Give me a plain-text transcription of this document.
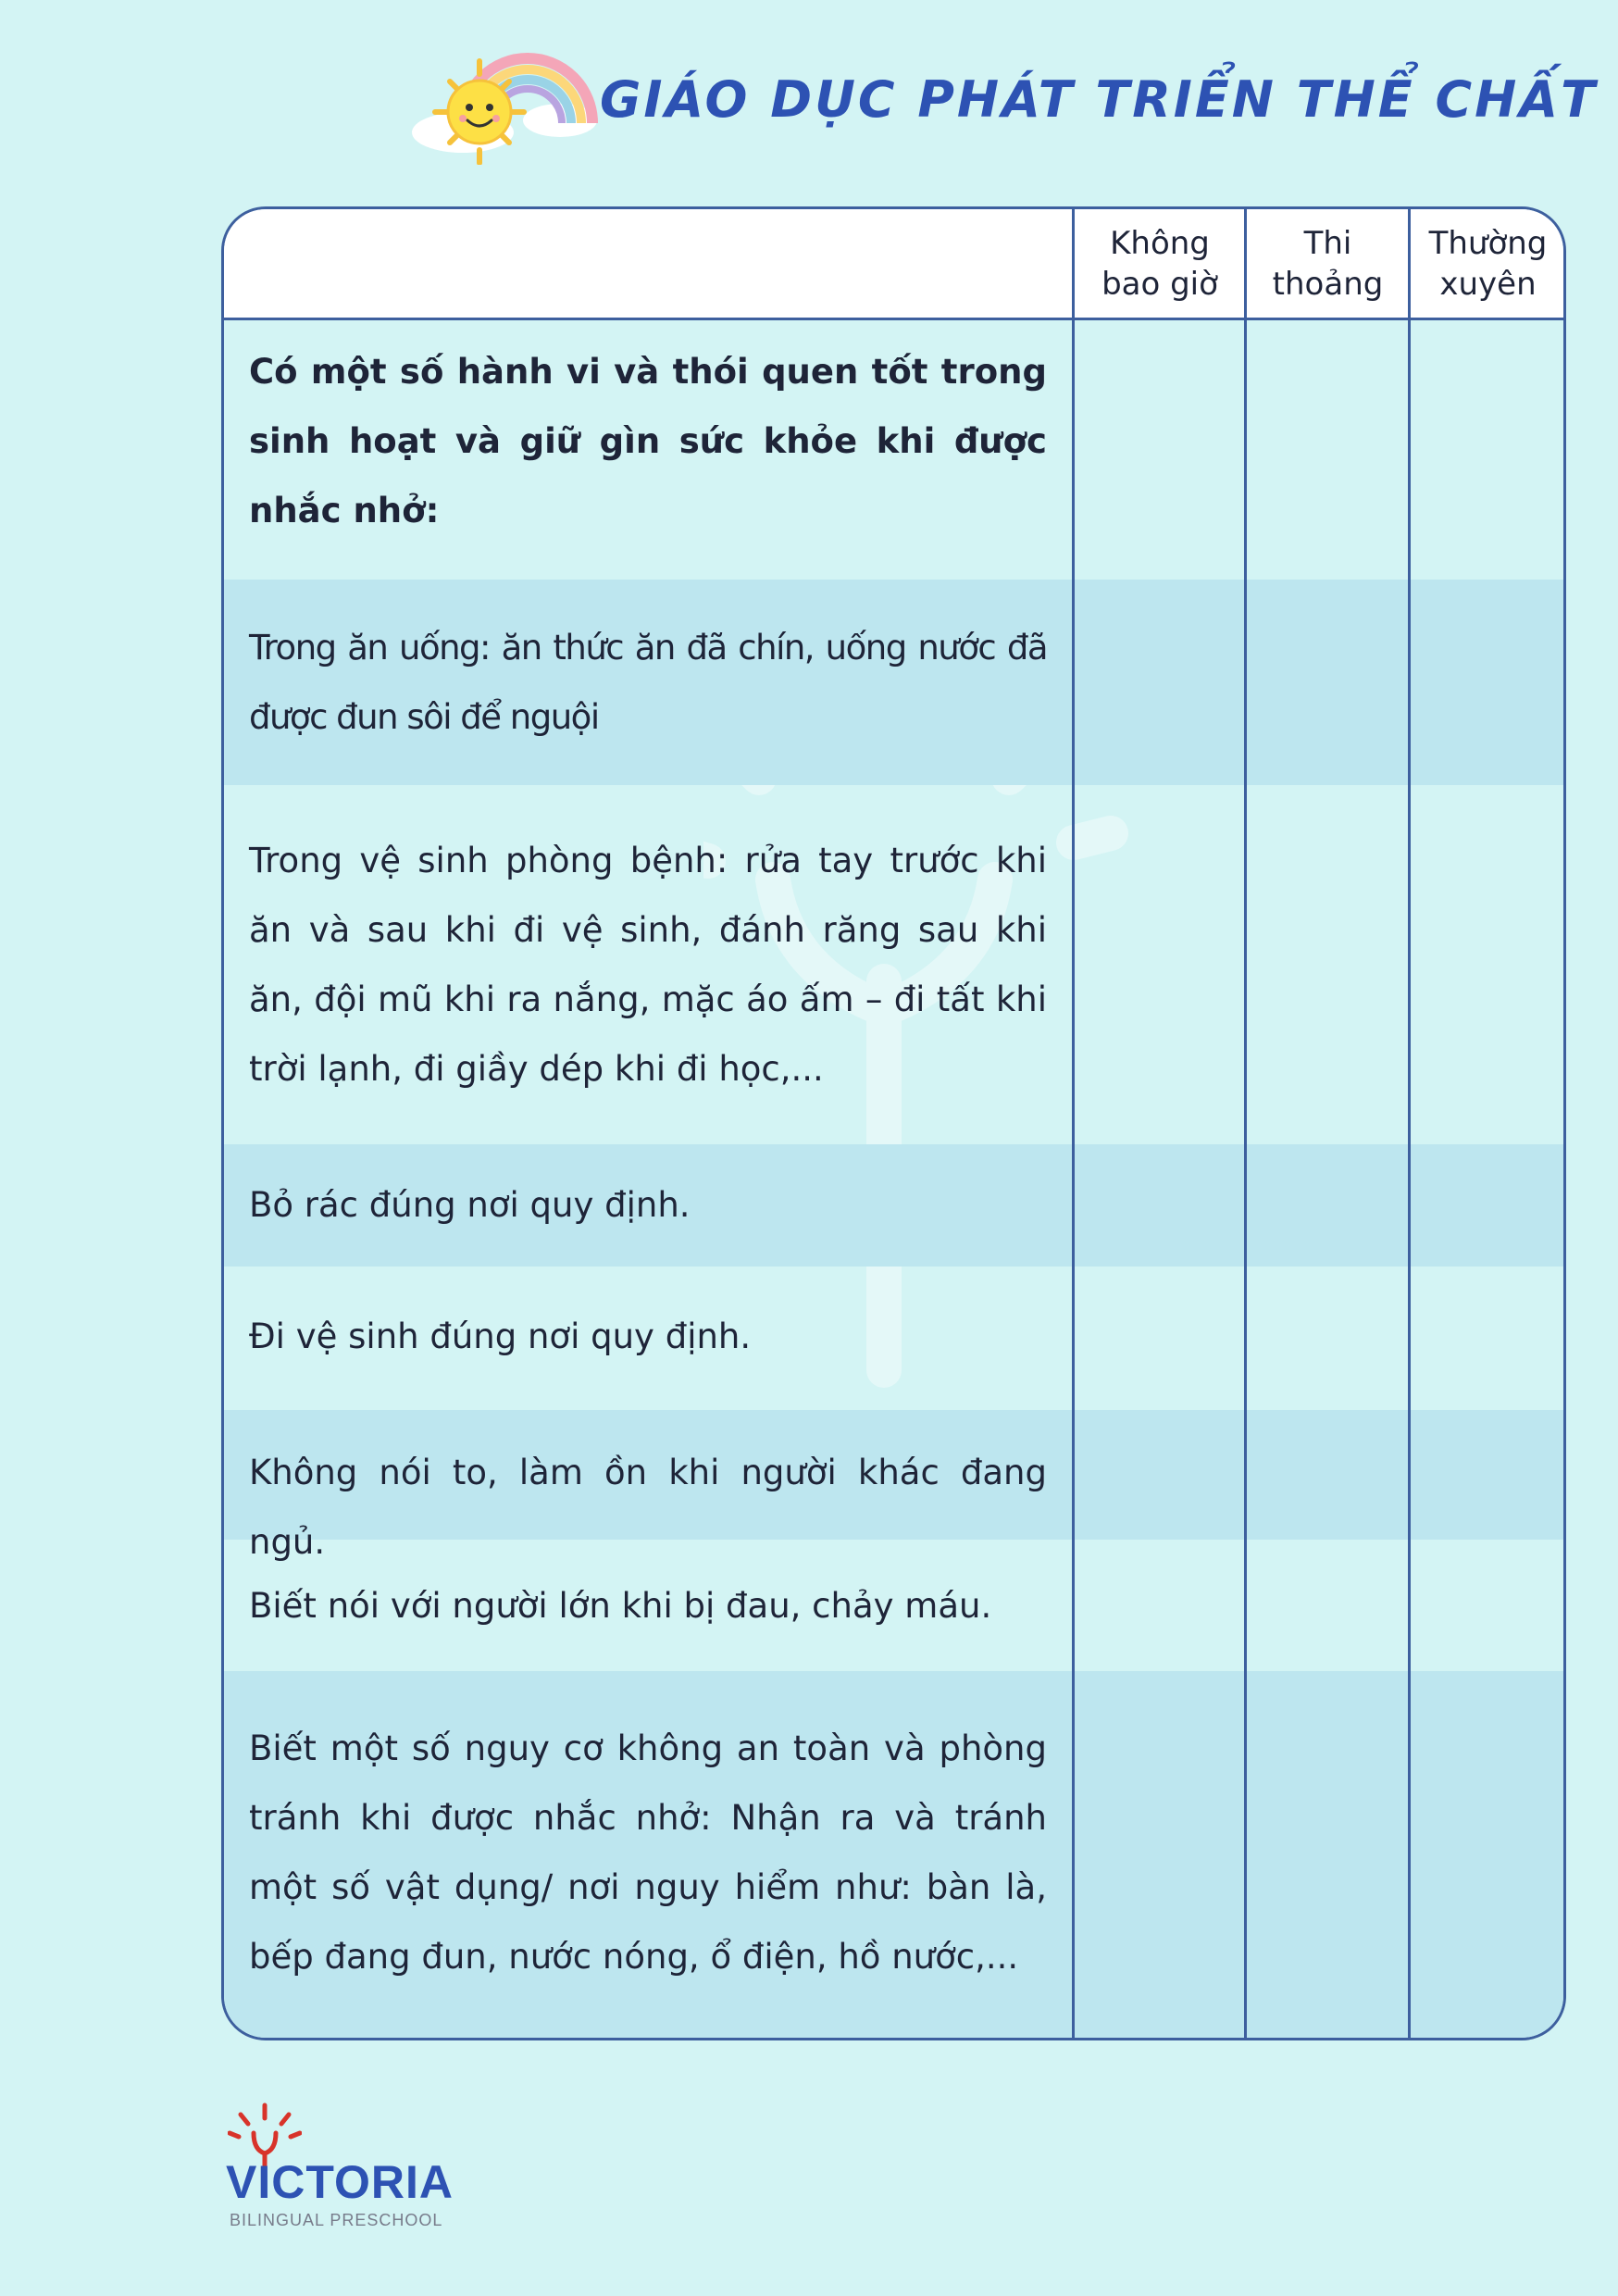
GIÁO DỤC PHÁT TRIỂN THỂ CHẤT
Không
bao giờ
Thi
thoảng
Thường
xuyên
Có một số hành vi và thói quen tốt trong sinh hoạt và giữ gìn sức khỏe khi được nhắc nhở:
Trong ăn uống: ăn thức ăn đã chín, uống nước đã được đun sôi để nguội
Trong vệ sinh phòng bệnh: rửa tay trước khi ăn và sau khi đi vệ sinh, đánh răng sau khi ăn, đội mũ khi ra nắng, mặc áo ấm – đi tất khi trời lạnh, đi giầy dép khi đi học,...
Bỏ rác đúng nơi quy định.
Đi vệ sinh đúng nơi quy định.
Không nói to, làm ồn khi người khác đang ngủ.
Biết nói với người lớn khi bị đau, chảy máu.
Biết một số nguy cơ không an toàn và phòng tránh khi được nhắc nhở: Nhận ra và tránh một số vật dụng/ nơi nguy hiểm như: bàn là, bếp đang đun, nước nóng, ổ điện, hồ nước,...
VICTORIA
BILINGUAL PRESCHOOL
